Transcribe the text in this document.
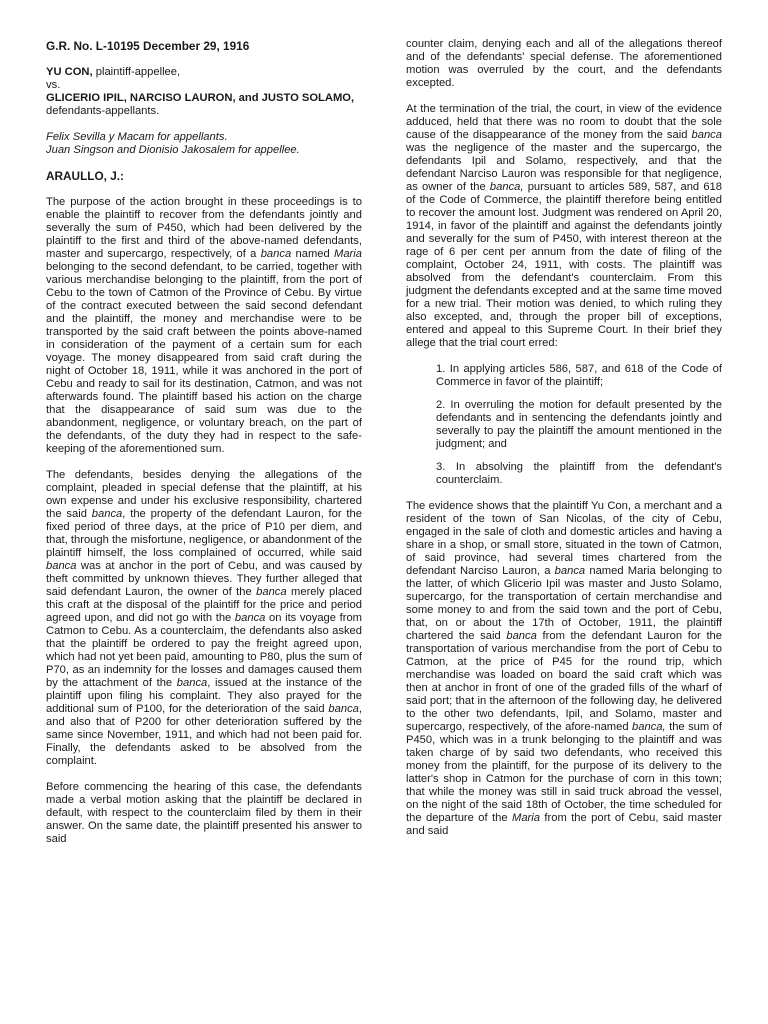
G.R. No. L-10195 December 29, 1916

YU CON, plaintiff-appellee,

vs.

GLICERIO IPIL, NARCISO LAURON, and JUSTO SOLAMO, defendants-appellants.

Felix Sevilla y Macam for appellants.

Juan Singson and Dionisio Jakosalem for appellee.

ARAULLO, J.:

The purpose of the action brought in these proceedings is to enable the plaintiff to recover from the defendants jointly and severally the sum of P450, which had been delivered by the plaintiff to the first and third of the above-named defendants, master and supercargo, respectively, of a banca named Maria belonging to the second defendant, to be carried, together with various merchandise belonging to the plaintiff, from the port of Cebu to the town of Catmon of the Province of Cebu. By virtue of the contract executed between the said second defendant and the plaintiff, the money and merchandise were to be transported by the said craft between the points above-named in consideration of the payment of a certain sum for each voyage. The money disappeared from said craft during the night of October 18, 1911, while it was anchored in the port of Cebu and ready to sail for its destination, Catmon, and was not afterwards found. The plaintiff based his action on the charge that the disappearance of said sum was due to the abandonment, negligence, or voluntary breach, on the part of the defendants, of the duty they had in respect to the safe-keeping of the aforementioned sum.

The defendants, besides denying the allegations of the complaint, pleaded in special defense that the plaintiff, at his own expense and under his exclusive responsibility, chartered the said banca, the property of the defendant Lauron, for the fixed period of three days, at the price of P10 per diem, and that, through the misfortune, negligence, or abandonment of the plaintiff himself, the loss complained of occurred, while said banca was at anchor in the port of Cebu, and was caused by theft committed by unknown thieves. They further alleged that said defendant Lauron, the owner of the banca merely placed this craft at the disposal of the plaintiff for the price and period agreed upon, and did not go with the banca on its voyage from Catmon to Cebu. As a counterclaim, the defendants also asked that the plaintiff be ordered to pay the freight agreed upon, which had not yet been paid, amounting to P80, plus the sum of P70, as an indemnity for the losses and damages caused them by the attachment of the banca, issued at the instance of the plaintiff upon filing his complaint. They also prayed for the additional sum of P100, for the deterioration of the said banca, and also that of P200 for other deterioration suffered by the same since November, 1911, and which had not been paid for. Finally, the defendants asked to be absolved from the complaint.

Before commencing the hearing of this case, the defendants made a verbal motion asking that the plaintiff be declared in default, with respect to the counterclaim filed by them in their answer. On the same date, the plaintiff presented his answer to said

counter claim, denying each and all of the allegations thereof and of the defendants' special defense. The aforementioned motion was overruled by the court, and the defendants excepted.

At the termination of the trial, the court, in view of the evidence adduced, held that there was no room to doubt that the sole cause of the disappearance of the money from the said banca was the negligence of the master and the supercargo, the defendants Ipil and Solamo, respectively, and that the defendant Narciso Lauron was responsible for that negligence, as owner of the banca, pursuant to articles 589, 587, and 618 of the Code of Commerce, the plaintiff therefore being entitled to recover the amount lost. Judgment was rendered on April 20, 1914, in favor of the plaintiff and against the defendants jointly and severally for the sum of P450, with interest thereon at the rage of 6 per cent per annum from the date of filing of the complaint, October 24, 1911, with costs. The plaintiff was absolved from the defendant's counterclaim. From this judgment the defendants excepted and at the same time moved for a new trial. Their motion was denied, to which ruling they also excepted, and, through the proper bill of exceptions, entered and appeal to this Supreme Court. In their brief they allege that the trial court erred:

1. In applying articles 586, 587, and 618 of the Code of Commerce in favor of the plaintiff;

2. In overruling the motion for default presented by the defendants and in sentencing the defendants jointly and severally to pay the plaintiff the amount mentioned in the judgment; and

3. In absolving the plaintiff from the defendant's counterclaim.

The evidence shows that the plaintiff Yu Con, a merchant and a resident of the town of San Nicolas, of the city of Cebu, engaged in the sale of cloth and domestic articles and having a share in a shop, or small store, situated in the town of Catmon, of said province, had several times chartered from the defendant Narciso Lauron, a banca named Maria belonging to the latter, of which Glicerio Ipil was master and Justo Solamo, supercargo, for the transportation of certain merchandise and some money to and from the said town and the port of Cebu, that, on or about the 17th of October, 1911, the plaintiff chartered the said banca from the defendant Lauron for the transportation of various merchandise from the port of Cebu to Catmon, at the price of P45 for the round trip, which merchandise was loaded on board the said craft which was then at anchor in front of one of the graded fills of the wharf of said port; that in the afternoon of the following day, he delivered to the other two defendants, Ipil, and Solamo, master and supercargo, respectively, of the afore-named banca, the sum of P450, which was in a trunk belonging to the plaintiff and was taken charge of by said two defendants, who received this money from the plaintiff, for the purpose of its delivery to the latter's shop in Catmon for the purchase of corn in this town; that while the money was still in said truck abroad the vessel, on the night of the said 18th of October, the time scheduled for the departure of the Maria from the port of Cebu, said master and said
